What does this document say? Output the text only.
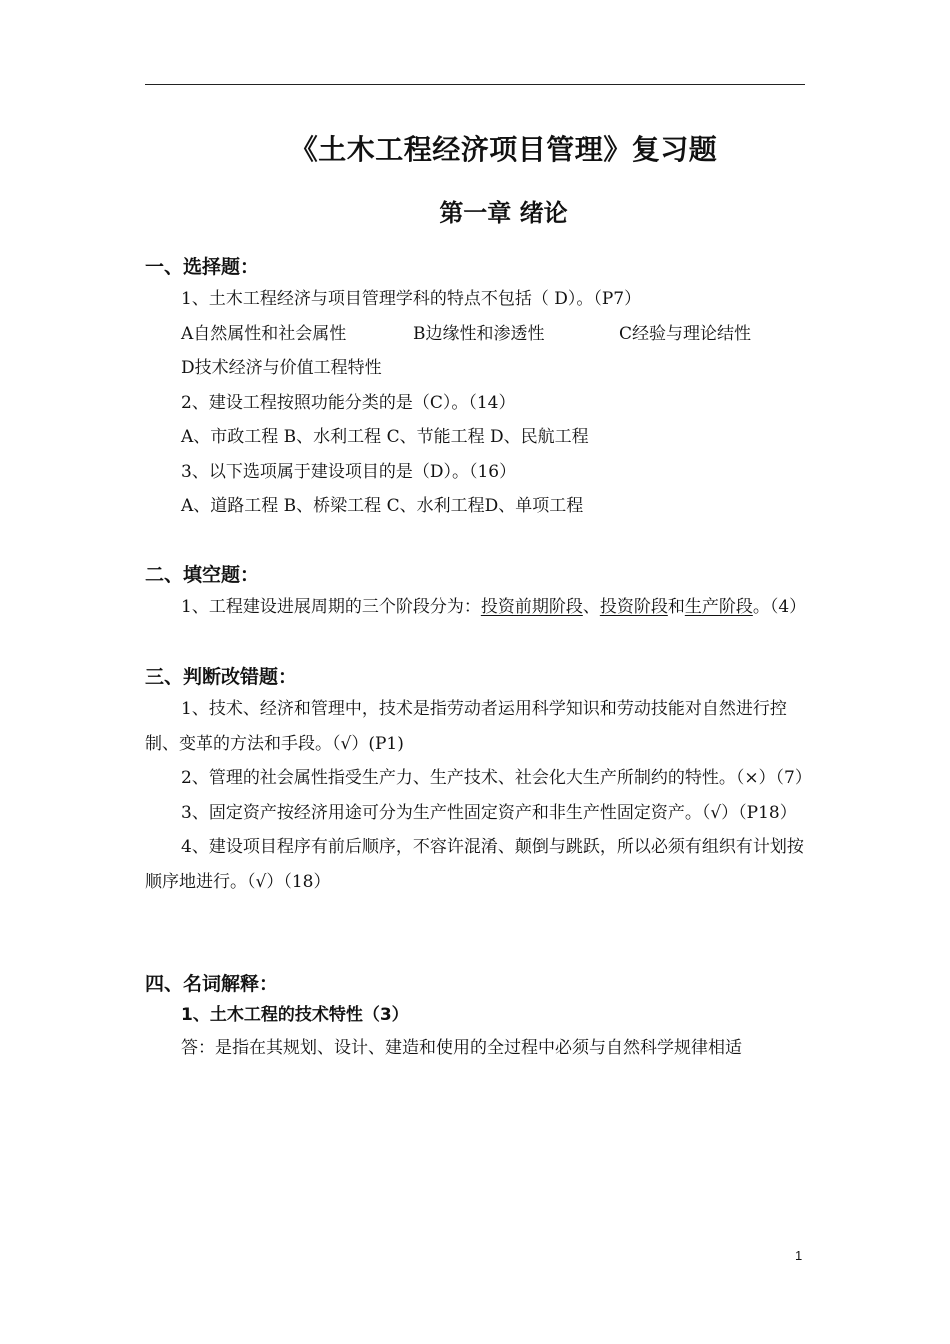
《土木工程经济项目管理》复习题
第一章 绪论
一、选择题：

1、土木工程经济与项目管理学科的特点不包括（ D）。（P7）

A自然属性和社会属性	B边缘性和渗透性	C经验与理论结性
D技术经济与价值工程特性

2、建设工程按照功能分类的是（C）。（14）

A、市政工程 B、水利工程 C、节能工程 D、民航工程

3、以下选项属于建设项目的是（D）。（16）

A、道路工程 B、桥梁工程 C、水利工程D、单项工程

二、填空题：

1、工程建设进展周期的三个阶段分为：投资前期阶段、投资阶段和生产阶段。（4）

三、判断改错题：

1、技术、经济和管理中，技术是指劳动者运用科学知识和劳动技能对自然进行控制、变革的方法和手段。（√）(P1)

2、管理的社会属性指受生产力、生产技术、社会化大生产所制约的特性。（×）（7）

3、固定资产按经济用途可分为生产性固定资产和非生产性固定资产。（√）（P18）

4、建设项目程序有前后顺序，不容许混淆、颠倒与跳跃，所以必须有组织有计划按顺序地进行。（√）（18）

四、名词解释：

1、土木工程的技术特性（3）

答：是指在其规划、设计、建造和使用的全过程中必须与自然科学规律相适

1
